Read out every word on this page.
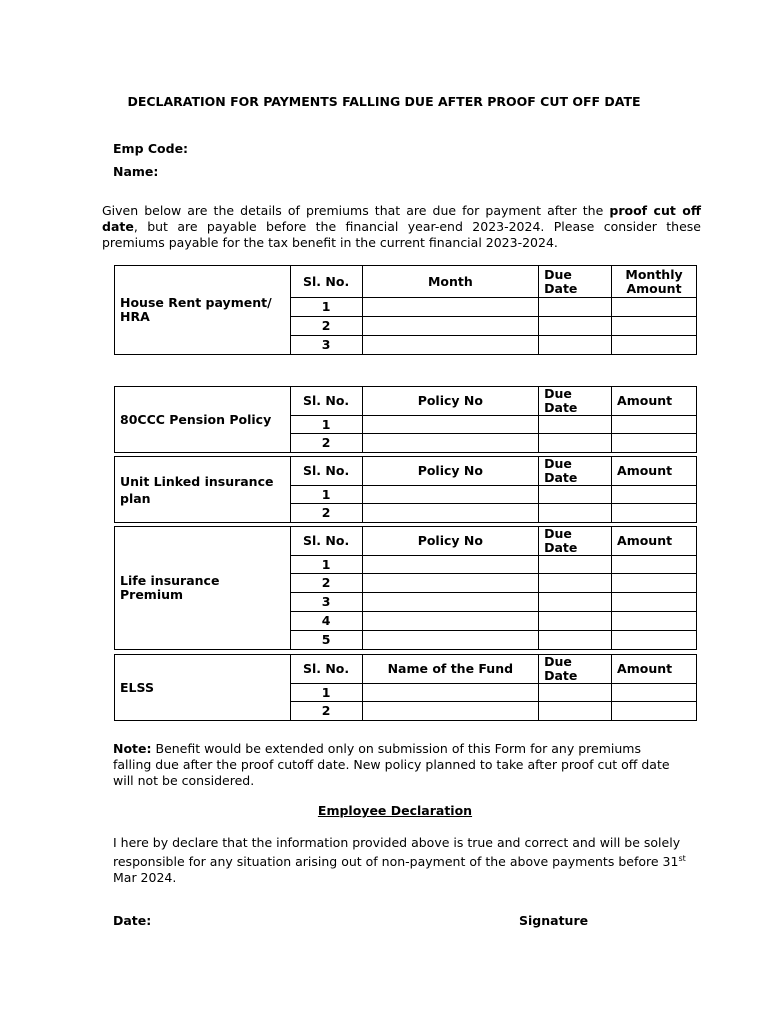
DECLARATION FOR PAYMENTS FALLING DUE AFTER PROOF CUT OFF DATE
Emp Code:
Name:
Given below are the details of premiums that are due for payment after the proof cut off date, but are payable before the financial year-end 2023-2024. Please consider these premiums payable for the tax benefit in the current financial 2023-2024.
House Rent payment/ HRA	Sl. No.	Month	Due Date	Monthly Amount
	1			
	2			
	3			
80CCC Pension Policy	Sl. No.	Policy No	Due Date	Amount
	1			
	2			
Unit Linked insurance plan	Sl. No.	Policy No	Due Date	Amount
	1			
	2			
Life insurance Premium	Sl. No.	Policy No	Due Date	Amount
	1			
	2			
	3			
	4			
	5			
ELSS	Sl. No.	Name of the Fund	Due Date	Amount
	1			
	2			
Note: Benefit would be extended only on submission of this Form for any premiums falling due after the proof cutoff date. New policy planned to take after proof cut off date will not be considered.
Employee Declaration
I here by declare that the information provided above is true and correct and will be solely responsible for any situation arising out of non-payment of the above payments before 31st Mar 2024.
Date:	Signature
